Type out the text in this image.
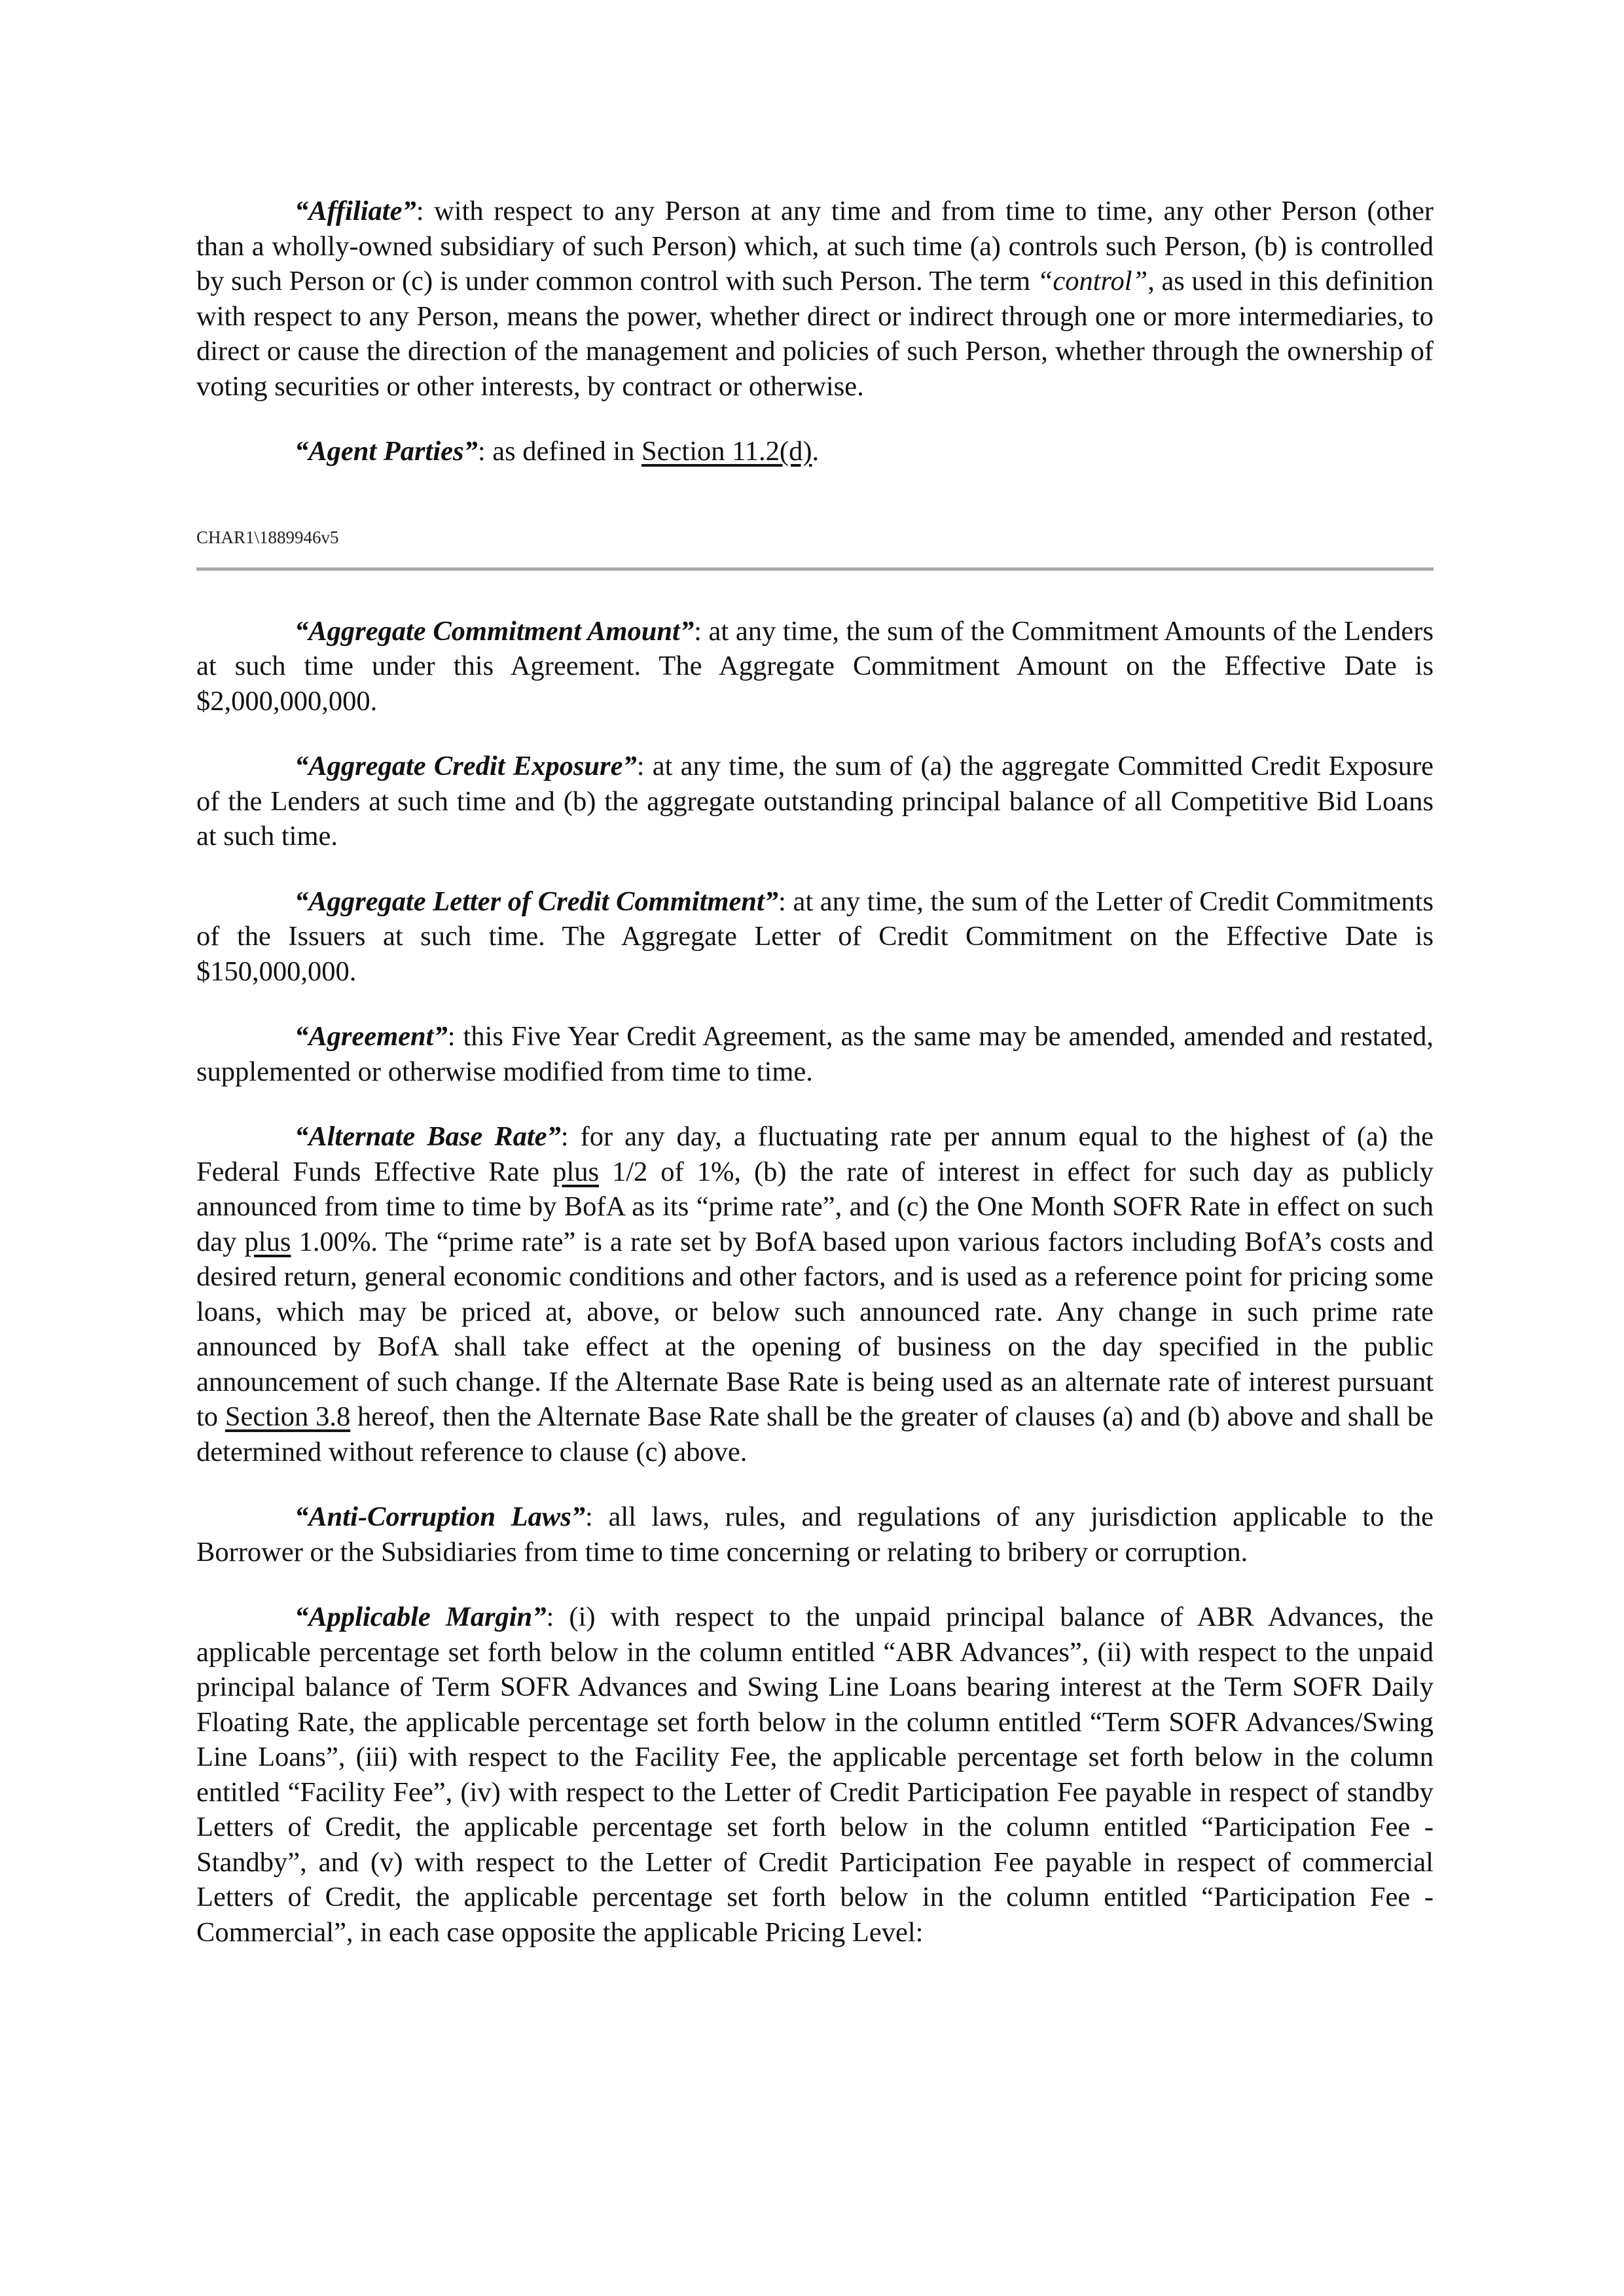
“Affiliate”: with respect to any Person at any time and from time to time, any other Person (other than a wholly-owned subsidiary of such Person) which, at such time (a) controls such Person, (b) is controlled by such Person or (c) is under common control with such Person. The term “control”, as used in this definition with respect to any Person, means the power, whether direct or indirect through one or more intermediaries, to direct or cause the direction of the management and policies of such Person, whether through the ownership of voting securities or other interests, by contract or otherwise.

“Agent Parties”: as defined in Section 11.2(d).

CHAR1\1889946v5

“Aggregate Commitment Amount”: at any time, the sum of the Commitment Amounts of the Lenders at such time under this Agreement. The Aggregate Commitment Amount on the Effective Date is $2,000,000,000.

“Aggregate Credit Exposure”: at any time, the sum of (a) the aggregate Committed Credit Exposure of the Lenders at such time and (b) the aggregate outstanding principal balance of all Competitive Bid Loans at such time.

“Aggregate Letter of Credit Commitment”: at any time, the sum of the Letter of Credit Commitments of the Issuers at such time. The Aggregate Letter of Credit Commitment on the Effective Date is $150,000,000.

“Agreement”: this Five Year Credit Agreement, as the same may be amended, amended and restated, supplemented or otherwise modified from time to time.

“Alternate Base Rate”: for any day, a fluctuating rate per annum equal to the highest of (a) the Federal Funds Effective Rate plus 1/2 of 1%, (b) the rate of interest in effect for such day as publicly announced from time to time by BofA as its “prime rate”, and (c) the One Month SOFR Rate in effect on such day plus 1.00%. The “prime rate” is a rate set by BofA based upon various factors including BofA’s costs and desired return, general economic conditions and other factors, and is used as a reference point for pricing some loans, which may be priced at, above, or below such announced rate. Any change in such prime rate announced by BofA shall take effect at the opening of business on the day specified in the public announcement of such change. If the Alternate Base Rate is being used as an alternate rate of interest pursuant to Section 3.8 hereof, then the Alternate Base Rate shall be the greater of clauses (a) and (b) above and shall be determined without reference to clause (c) above.

“Anti-Corruption Laws”: all laws, rules, and regulations of any jurisdiction applicable to the Borrower or the Subsidiaries from time to time concerning or relating to bribery or corruption.

“Applicable Margin”: (i) with respect to the unpaid principal balance of ABR Advances, the applicable percentage set forth below in the column entitled “ABR Advances”, (ii) with respect to the unpaid principal balance of Term SOFR Advances and Swing Line Loans bearing interest at the Term SOFR Daily Floating Rate, the applicable percentage set forth below in the column entitled “Term SOFR Advances/Swing Line Loans”, (iii) with respect to the Facility Fee, the applicable percentage set forth below in the column entitled “Facility Fee”, (iv) with respect to the Letter of Credit Participation Fee payable in respect of standby Letters of Credit, the applicable percentage set forth below in the column entitled “Participation Fee - Standby”, and (v) with respect to the Letter of Credit Participation Fee payable in respect of commercial Letters of Credit, the applicable percentage set forth below in the column entitled “Participation Fee - Commercial”, in each case opposite the applicable Pricing Level:
